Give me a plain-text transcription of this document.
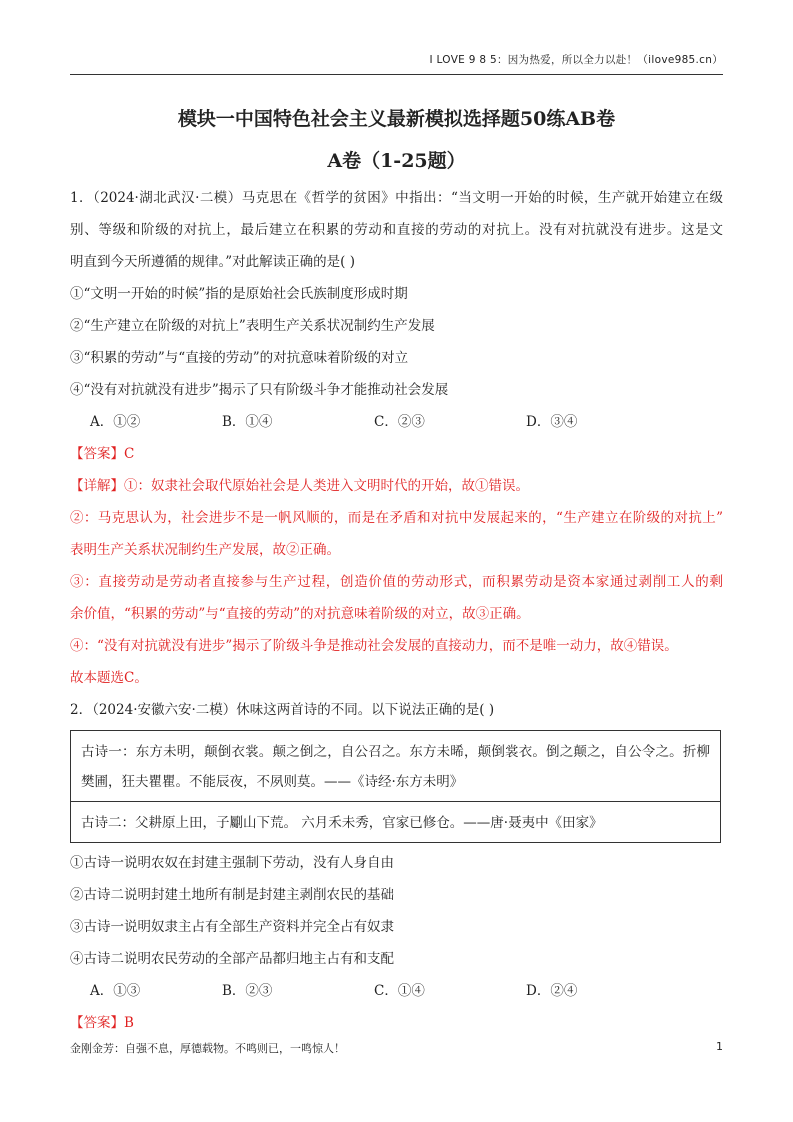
I LOVE 9 8 5：因为热爱，所以全力以赴！（ilove985.cn）
模块一中国特色社会主义最新模拟选择题50练AB卷
A卷（1-25题）
1．（2024·湖北武汉·二模）马克思在《哲学的贫困》中指出：“当文明一开始的时候，生产就开始建立在级
别、等级和阶级的对抗上，最后建立在积累的劳动和直接的劳动的对抗上。没有对抗就没有进步。这是文
明直到今天所遵循的规律。”对此解读正确的是( )
①“文明一开始的时候”指的是原始社会氏族制度形成时期
②“生产建立在阶级的对抗上”表明生产关系状况制约生产发展
③“积累的劳动”与“直接的劳动”的对抗意味着阶级的对立
④“没有对抗就没有进步”揭示了只有阶级斗争才能推动社会发展
A．①②	B．①④	C．②③	D．③④
【答案】C
【详解】①：奴隶社会取代原始社会是人类进入文明时代的开始，故①错误。
②：马克思认为，社会进步不是一帆风顺的，而是在矛盾和对抗中发展起来的，“生产建立在阶级的对抗上”
表明生产关系状况制约生产发展，故②正确。
③：直接劳动是劳动者直接参与生产过程，创造价值的劳动形式，而积累劳动是资本家通过剥削工人的剩
余价值，“积累的劳动”与“直接的劳动”的对抗意味着阶级的对立，故③正确。
④：“没有对抗就没有进步”揭示了阶级斗争是推动社会发展的直接动力，而不是唯一动力，故④错误。
故本题选C。
2．（2024·安徽六安·二模）休味这两首诗的不同。以下说法正确的是( )
古诗一：东方未明，颠倒衣裳。颠之倒之，自公召之。东方未晞，颠倒裳衣。倒之颠之，自公令之。折柳
樊圃，狂夫瞿瞿。不能辰夜，不夙则莫。——《诗经·东方未明》
古诗二：父耕原上田，子劚山下荒。 六月禾未秀，官家已修仓。——唐·聂夷中《田家》
①古诗一说明农奴在封建主强制下劳动，没有人身自由
②古诗二说明封建土地所有制是封建主剥削农民的基础
③古诗一说明奴隶主占有全部生产资料并完全占有奴隶
④古诗二说明农民劳动的全部产品都归地主占有和支配
A．①③	B．②③	C．①④	D．②④
【答案】B
金刚金芳：自强不息，厚德载物。不鸣则已，一鸣惊人！	1
